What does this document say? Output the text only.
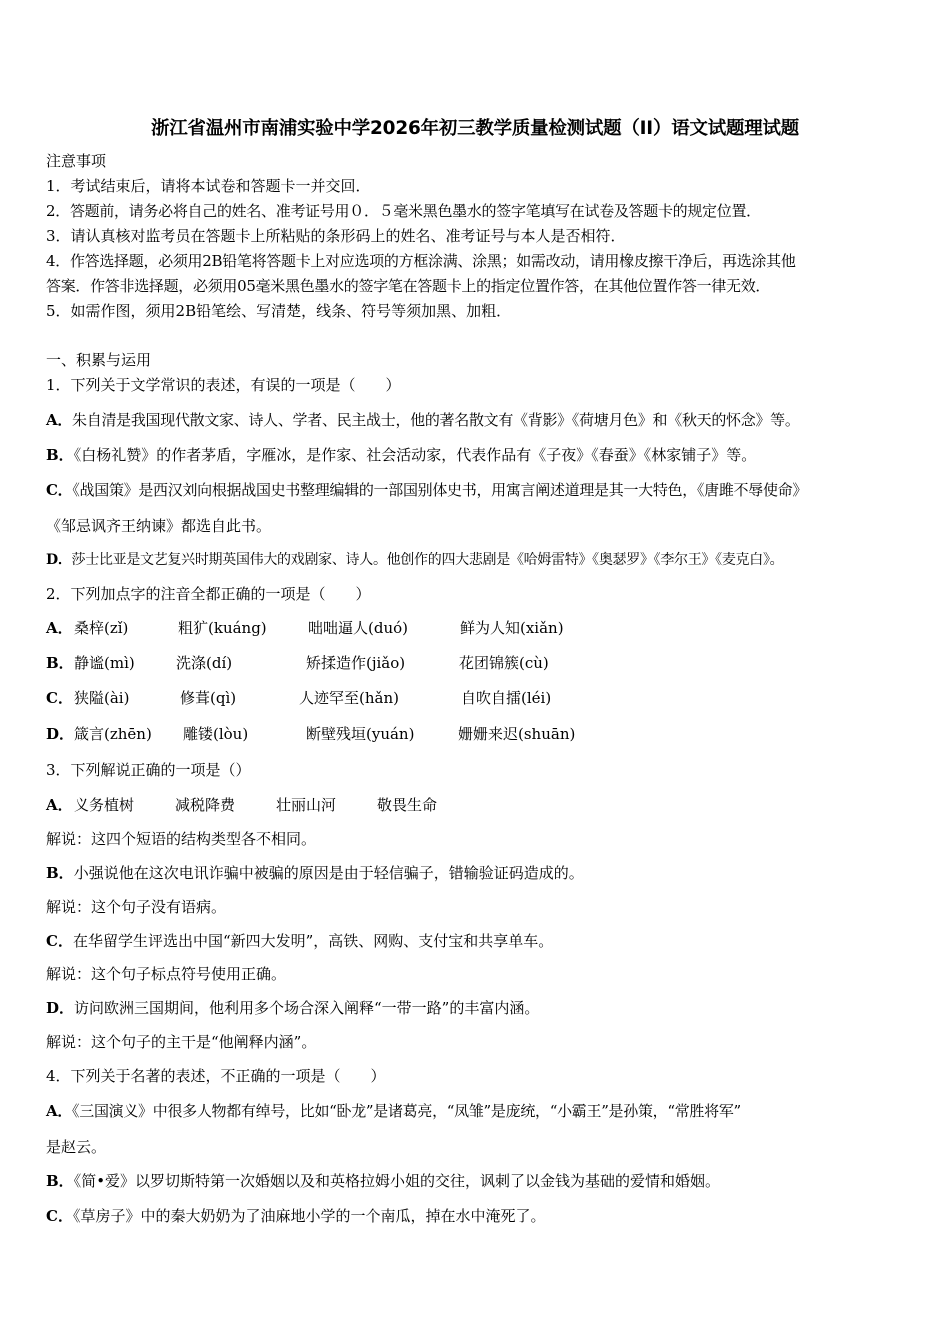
浙江省温州市南浦实验中学2026年初三教学质量检测试题（II）语文试题理试题
注意事项
1．考试结束后，请将本试卷和答题卡一并交回．
2．答题前，请务必将自己的姓名、准考证号用０．５毫米黑色墨水的签字笔填写在试卷及答题卡的规定位置．
3．请认真核对监考员在答题卡上所粘贴的条形码上的姓名、准考证号与本人是否相符．
4．作答选择题，必须用2B铅笔将答题卡上对应选项的方框涂满、涂黑；如需改动，请用橡皮擦干净后，再选涂其他
答案．作答非选择题，必须用05毫米黑色墨水的签字笔在答题卡上的指定位置作答，在其他位置作答一律无效．
5．如需作图，须用2B铅笔绘、写清楚，线条、符号等须加黑、加粗．
一、积累与运用
1．下列关于文学常识的表述，有误的一项是（　　）
A．朱自清是我国现代散文家、诗人、学者、民主战士，他的著名散文有《背影》《荷塘月色》和《秋天的怀念》等。
B．《白杨礼赞》的作者茅盾，字雁冰，是作家、社会活动家，代表作品有《子夜》《春蚕》《林家铺子》等。
C．《战国策》是西汉刘向根据战国史书整理编辑的一部国别体史书，用寓言阐述道理是其一大特色，《唐雎不辱使命》
《邹忌讽齐王纳谏》都选自此书。
D．莎士比亚是文艺复兴时期英国伟大的戏剧家、诗人。他创作的四大悲剧是《哈姆雷特》《奥瑟罗》《李尔王》《麦克白》。
2．下列加点字的注音全都正确的一项是（　　）
A． 桑梓(zǐ)	粗犷(kuáng)	咄咄逼人(duó)	鲜为人知(xiǎn)
B． 静谧(mì)	洗涤(dí)	矫揉造作(jiǎo)	花团锦簇(cù)
C． 狭隘(ài)	修葺(qì)	人迹罕至(hǎn)	自吹自擂(léi)
D． 箴言(zhēn) 雕镂(lòu)	断壁残垣(yuán)	姗姗来迟(shuān)
3．下列解说正确的一项是（）
A． 义务植树	减税降费	壮丽山河	敬畏生命
解说：这四个短语的结构类型各不相同。
B．小强说他在这次电讯诈骗中被骗的原因是由于轻信骗子，错输验证码造成的。
解说：这个句子没有语病。
C．在华留学生评选出中国“新四大发明”，高铁、网购、支付宝和共享单车。
解说：这个句子标点符号使用正确。
D．访问欧洲三国期间，他利用多个场合深入阐释“一带一路”的丰富内涵。
解说：这个句子的主干是“他阐释内涵”。
4．下列关于名著的表述，不正确的一项是（　　）
A．《三国演义》中很多人物都有绰号，比如“卧龙”是诸葛亮，“凤雏”是庞统，“小霸王”是孙策，“常胜将军”
是赵云。
B．《简•爱》以罗切斯特第一次婚姻以及和英格拉姆小姐的交往，讽刺了以金钱为基础的爱情和婚姻。
C．《草房子》中的秦大奶奶为了油麻地小学的一个南瓜，掉在水中淹死了。
